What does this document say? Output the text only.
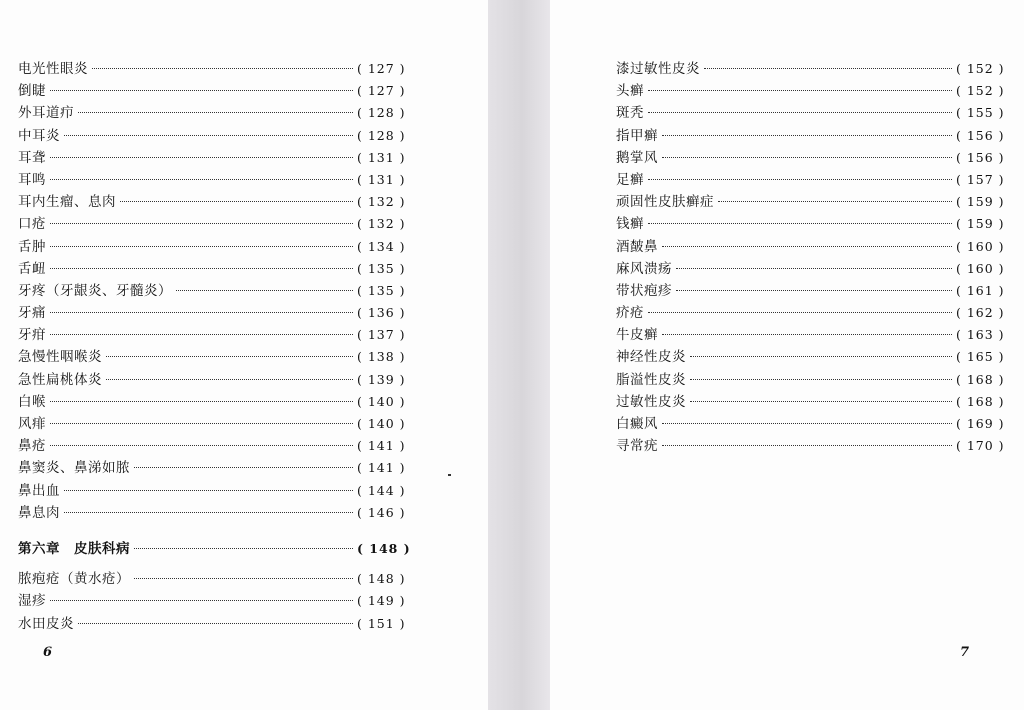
电光性眼炎	( 127 )
倒睫	( 127 )
外耳道疖	( 128 )
中耳炎	( 128 )
耳聋	( 131 )
耳鸣	( 131 )
耳内生瘤、息肉	( 132 )
口疮	( 132 )
舌肿	( 134 )
舌衄	( 135 )
牙疼（牙龈炎、牙髓炎）	( 135 )
牙痛	( 136 )
牙疳	( 137 )
急慢性咽喉炎	( 138 )
急性扁桃体炎	( 139 )
白喉	( 140 )
风痱	( 140 )
鼻疮	( 141 )
鼻窦炎、鼻涕如脓	( 141 )
鼻出血	( 144 )
鼻息肉	( 146 )
第六章　皮肤科病	( 148 )
脓疱疮（黄水疮）	( 148 )
湿疹	( 149 )
水田皮炎	( 151 )
6
漆过敏性皮炎	( 152 )
头癣	( 152 )
斑秃	( 155 )
指甲癣	( 156 )
鹅掌风	( 156 )
足癣	( 157 )
顽固性皮肤癣症	( 159 )
钱癣	( 159 )
酒皶鼻	( 160 )
麻风溃疡	( 160 )
带状疱疹	( 161 )
疥疮	( 162 )
牛皮癣	( 163 )
神经性皮炎	( 165 )
脂溢性皮炎	( 168 )
过敏性皮炎	( 168 )
白癜风	( 169 )
寻常疣	( 170 )
7
